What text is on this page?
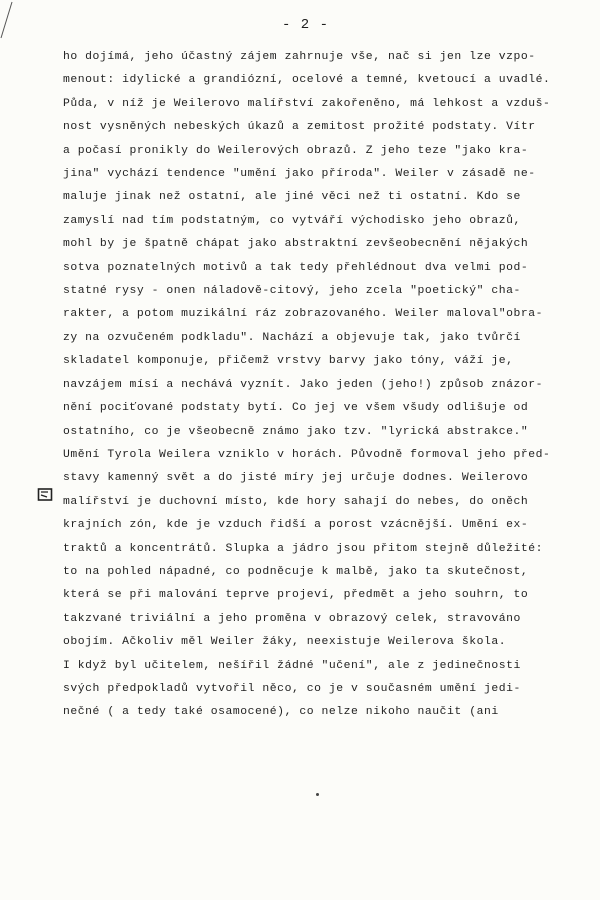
- 2 -
ho dojímá, jeho účastný zájem zahrnuje vše, nač si jen lze vzpo-
menout: idylické a grandiózní, ocelové a temné, kvetoucí a uvadlé.
Půda, v níž je Weilerovo malířství zakořeněno, má lehkost a vzduš-
nost vysněných nebeských úkazů a zemitost prožité podstaty. Vítr
a počasí pronikly do Weilerových obrazů. Z jeho teze "jako kra-
jina" vychází tendence "umění jako příroda". Weiler v zásadě ne-
maluje jinak než ostatní, ale jiné věci než ti ostatní. Kdo se
zamyslí nad tím podstatným, co vytváří východisko jeho obrazů,
mohl by je špatně chápat jako abstraktní zevšeobecnění nějakých
sotva poznatelných motivů a tak tedy přehlédnout dva velmi pod-
statné rysy - onen náladově-citový, jeho zcela "poetický" cha-
rakter, a potom muzikální ráz zobrazovaného. Weiler maloval"obra-
zy na ozvučeném podkladu". Nachází a objevuje tak, jako tvůrčí
skladatel komponuje, přičemž vrstvy barvy jako tóny, váží je,
navzájem mísí a nechává vyznít. Jako jeden (jeho!) způsob znázor-
nění pociťované podstaty bytí. Co jej ve všem všudy odlišuje od
ostatního, co je všeobecně známo jako tzv. "lyrická abstrakce."
Umění Tyrola Weilera vzniklo v horách. Původně formoval jeho před-
stavy kamenný svět a do jisté míry jej určuje dodnes. Weilerovo
malířství je duchovní místo, kde hory sahají do nebes, do oněch
krajních zón, kde je vzduch řidší a porost vzácnější. Umění ex-
traktů a koncentrátů. Slupka a jádro jsou přitom stejně důležité:
to na pohled nápadné, co podněcuje k malbě, jako ta skutečnost,
která se při malování teprve projeví, předmět a jeho souhrn, to
takzvané triviální a jeho proměna v obrazový celek, stravováno
obojím. Ačkoliv měl Weiler žáky, neexistuje Weilerova škola.
I když byl učitelem, nešířil žádné "učení", ale z jedinečnosti
svých předpokladů vytvořil něco, co je v současném umění jedi-
nečné ( a tedy také osamocené), co nelze nikoho naučit (ani
